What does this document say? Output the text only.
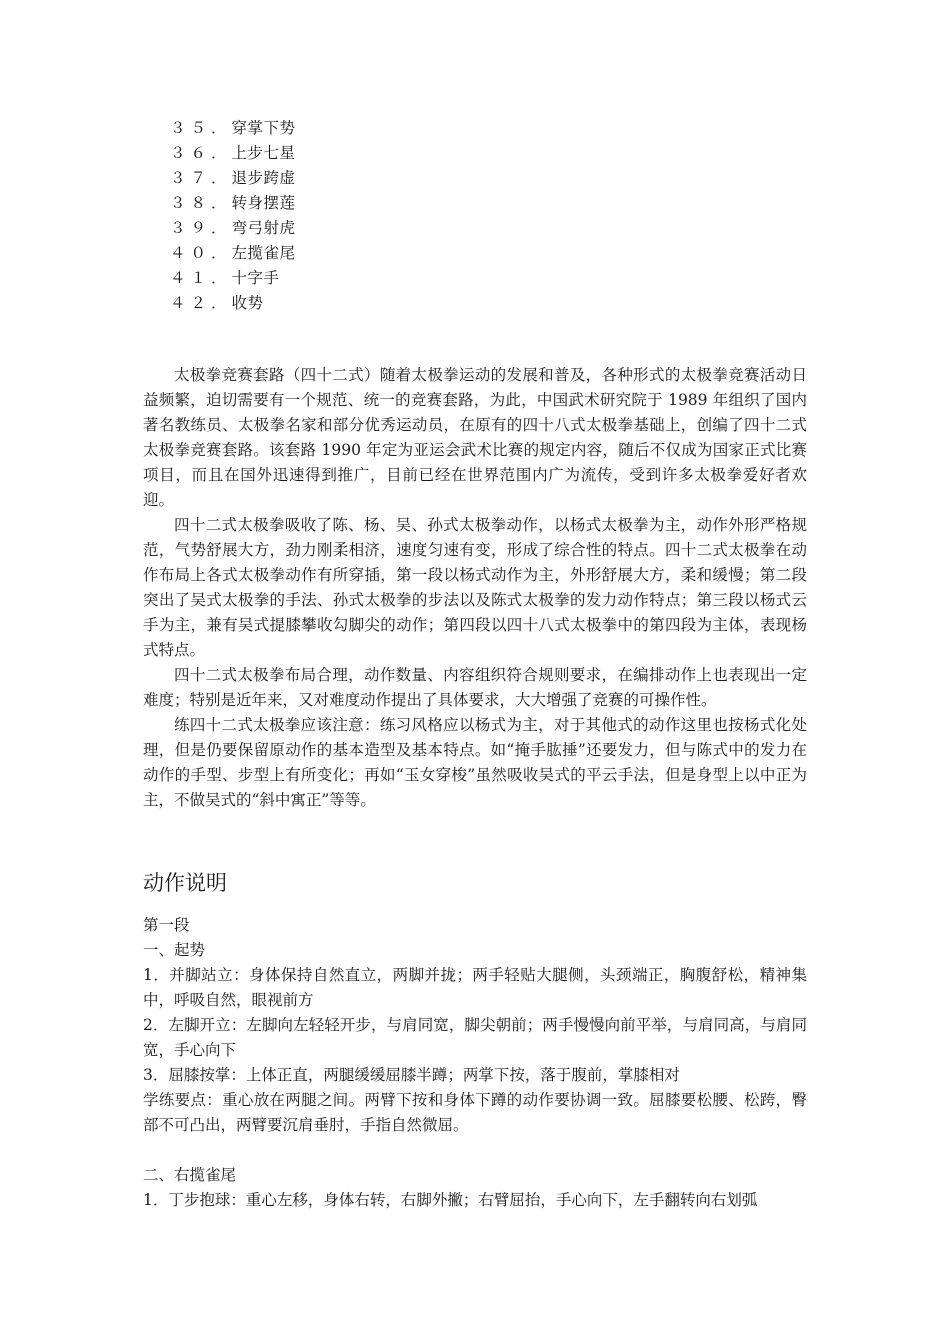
３５．穿掌下势
３６．上步七星
３７．退步跨虚
３８．转身摆莲
３９．弯弓射虎
４０．左揽雀尾
４１．十字手
４２．收势

太极拳竞赛套路（四十二式）随着太极拳运动的发展和普及，各种形式的太极拳竞赛活动日益频繁，迫切需要有一个规范、统一的竞赛套路，为此，中国武术研究院于 1989 年组织了国内著名教练员、太极拳名家和部分优秀运动员，在原有的四十八式太极拳基础上，创编了四十二式太极拳竞赛套路。该套路 1990 年定为亚运会武术比赛的规定内容，随后不仅成为国家正式比赛项目，而且在国外迅速得到推广，目前已经在世界范围内广为流传，受到许多太极拳爱好者欢迎。

四十二式太极拳吸收了陈、杨、吴、孙式太极拳动作，以杨式太极拳为主，动作外形严格规范，气势舒展大方，劲力刚柔相济，速度匀速有变，形成了综合性的特点。四十二式太极拳在动作布局上各式太极拳动作有所穿插，第一段以杨式动作为主，外形舒展大方，柔和缓慢；第二段突出了吴式太极拳的手法、孙式太极拳的步法以及陈式太极拳的发力动作特点；第三段以杨式云手为主，兼有吴式提膝攀收勾脚尖的动作；第四段以四十八式太极拳中的第四段为主体，表现杨式特点。

四十二式太极拳布局合理，动作数量、内容组织符合规则要求，在编排动作上也表现出一定难度；特别是近年来，又对难度动作提出了具体要求，大大增强了竞赛的可操作性。

练四十二式太极拳应该注意：练习风格应以杨式为主，对于其他式的动作这里也按杨式化处理，但是仍要保留原动作的基本造型及基本特点。如“掩手肱捶”还要发力，但与陈式中的发力在动作的手型、步型上有所变化；再如“玉女穿梭”虽然吸收吴式的平云手法，但是身型上以中正为主，不做吴式的“斜中寓正”等等。

动作说明

第一段

一、起势

1．并脚站立：身体保持自然直立，两脚并拢；两手轻贴大腿侧，头颈端正，胸腹舒松，精神集中，呼吸自然，眼视前方

2．左脚开立：左脚向左轻轻开步，与肩同宽，脚尖朝前；两手慢慢向前平举，与肩同高，与肩同宽，手心向下

3．屈膝按掌：上体正直，两腿缓缓屈膝半蹲；两掌下按，落于腹前，掌膝相对

学练要点：重心放在两腿之间。两臂下按和身体下蹲的动作要协调一致。屈膝要松腰、松跨，臀部不可凸出，两臂要沉肩垂肘，手指自然微屈。

二、右揽雀尾

1．丁步抱球：重心左移，身体右转，右脚外撇；右臂屈抬，手心向下，左手翻转向右划弧
